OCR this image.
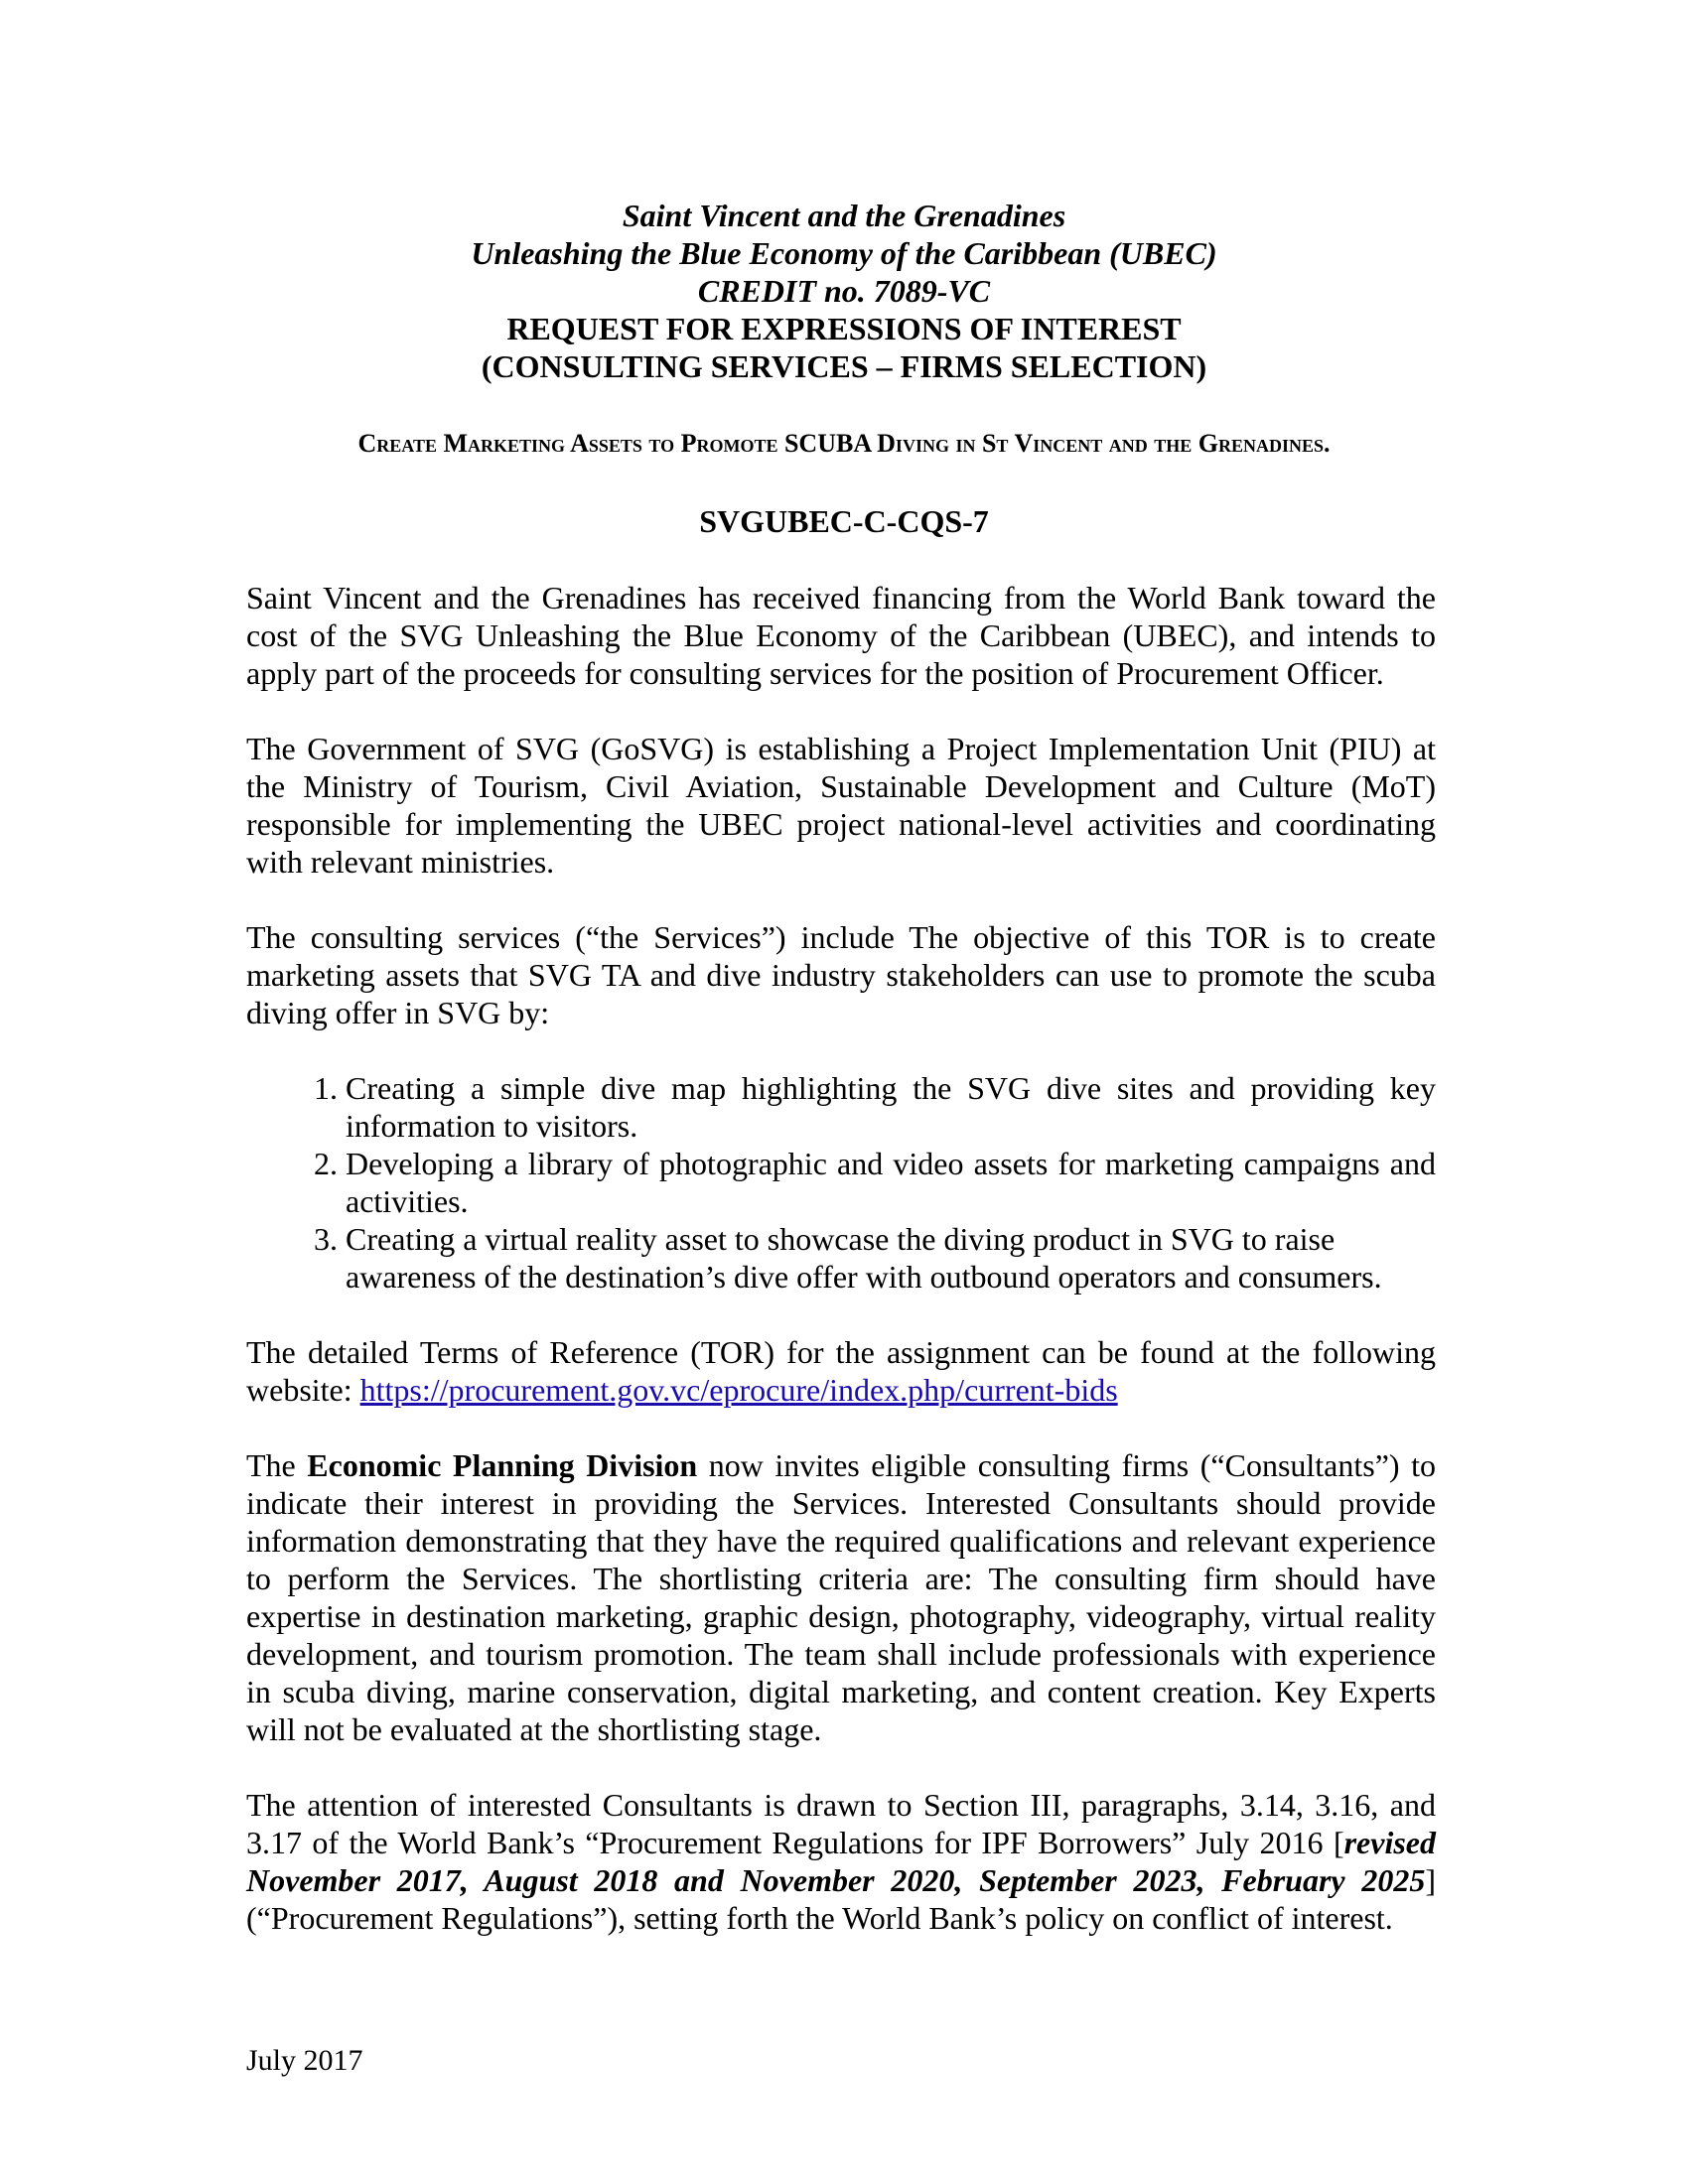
Saint Vincent and the Grenadines
Unleashing the Blue Economy of the Caribbean (UBEC)
CREDIT no. 7089-VC
REQUEST FOR EXPRESSIONS OF INTEREST
(CONSULTING SERVICES – FIRMS SELECTION)
Create Marketing Assets to Promote SCUBA Diving in St Vincent and the Grenadines.
SVGUBEC-C-CQS-7

Saint Vincent and the Grenadines has received financing from the World Bank toward the cost of the SVG Unleashing the Blue Economy of the Caribbean (UBEC), and intends to apply part of the proceeds for consulting services for the position of Procurement Officer.

The Government of SVG (GoSVG) is establishing a Project Implementation Unit (PIU) at the Ministry of Tourism, Civil Aviation, Sustainable Development and Culture (MoT) responsible for implementing the UBEC project national-level activities and coordinating with relevant ministries.

The consulting services (“the Services”) include The objective of this TOR is to create marketing assets that SVG TA and dive industry stakeholders can use to promote the scuba diving offer in SVG by:

1. Creating a simple dive map highlighting the SVG dive sites and providing key information to visitors.
2. Developing a library of photographic and video assets for marketing campaigns and activities.
3. Creating a virtual reality asset to showcase the diving product in SVG to raise awareness of the destination’s dive offer with outbound operators and consumers.

The detailed Terms of Reference (TOR) for the assignment can be found at the following website: https://procurement.gov.vc/eprocure/index.php/current-bids

The Economic Planning Division now invites eligible consulting firms (“Consultants”) to indicate their interest in providing the Services. Interested Consultants should provide information demonstrating that they have the required qualifications and relevant experience to perform the Services. The shortlisting criteria are: The consulting firm should have expertise in destination marketing, graphic design, photography, videography, virtual reality development, and tourism promotion. The team shall include professionals with experience in scuba diving, marine conservation, digital marketing, and content creation. Key Experts will not be evaluated at the shortlisting stage.

The attention of interested Consultants is drawn to Section III, paragraphs, 3.14, 3.16, and 3.17 of the World Bank’s “Procurement Regulations for IPF Borrowers” July 2016 [revised November 2017, August 2018 and November 2020, September 2023, February 2025] (“Procurement Regulations”), setting forth the World Bank’s policy on conflict of interest.

July 2017
